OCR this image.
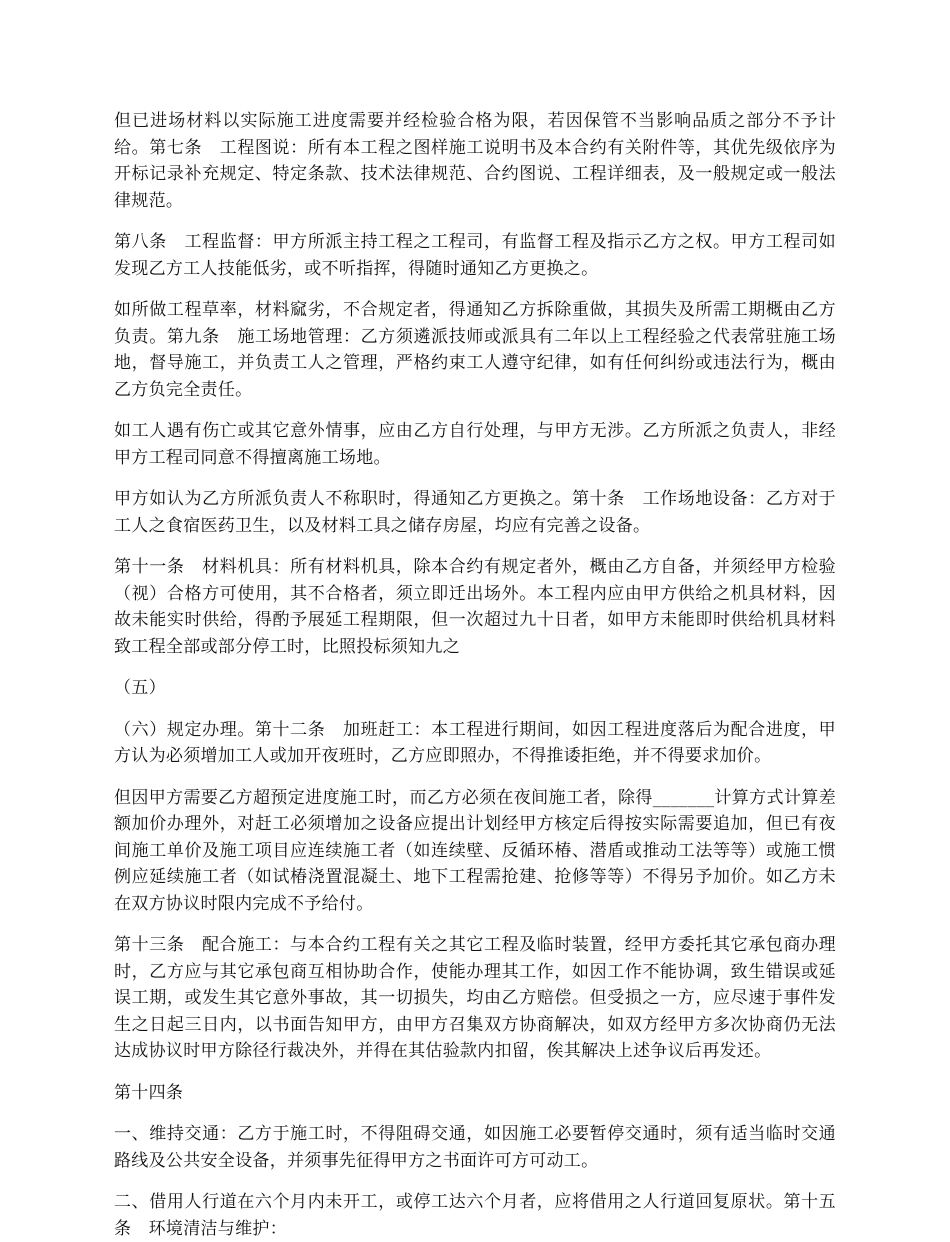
但已进场材料以实际施工进度需要并经检验合格为限，若因保管不当影响品质之部分不予计给。第七条　工程图说：所有本工程之图样施工说明书及本合约有关附件等，其优先级依序为开标记录补充规定、特定条款、技术法律规范、合约图说、工程详细表，及一般规定或一般法律规范。

第八条　工程监督：甲方所派主持工程之工程司，有监督工程及指示乙方之权。甲方工程司如发现乙方工人技能低劣，或不听指挥，得随时通知乙方更换之。

如所做工程草率，材料窳劣，不合规定者，得通知乙方拆除重做，其损失及所需工期概由乙方负责。第九条　施工场地管理：乙方须遴派技师或派具有二年以上工程经验之代表常驻施工场地，督导施工，并负责工人之管理，严格约束工人遵守纪律，如有任何纠纷或违法行为，概由乙方负完全责任。

如工人遇有伤亡或其它意外情事，应由乙方自行处理，与甲方无涉。乙方所派之负责人，非经甲方工程司同意不得擅离施工场地。

甲方如认为乙方所派负责人不称职时，得通知乙方更换之。第十条　工作场地设备：乙方对于工人之食宿医药卫生，以及材料工具之储存房屋，均应有完善之设备。

第十一条　材料机具：所有材料机具，除本合约有规定者外，概由乙方自备，并须经甲方检验（视）合格方可使用，其不合格者，须立即迁出场外。本工程内应由甲方供给之机具材料，因故未能实时供给，得酌予展延工程期限，但一次超过九十日者，如甲方未能即时供给机具材料致工程全部或部分停工时，比照投标须知九之

（五）

（六）规定办理。第十二条　加班赶工：本工程进行期间，如因工程进度落后为配合进度，甲方认为必须增加工人或加开夜班时，乙方应即照办，不得推诿拒绝，并不得要求加价。

但因甲方需要乙方超预定进度施工时，而乙方必须在夜间施工者，除得_______计算方式计算差额加价办理外，对赶工必须增加之设备应提出计划经甲方核定后得按实际需要追加，但已有夜间施工单价及施工项目应连续施工者（如连续壁、反循环椿、潜盾或推动工法等等）或施工惯例应延续施工者（如试椿浇置混凝土、地下工程需抢建、抢修等等）不得另予加价。如乙方未在双方协议时限内完成不予给付。

第十三条　配合施工：与本合约工程有关之其它工程及临时装置，经甲方委托其它承包商办理时，乙方应与其它承包商互相协助合作，使能办理其工作，如因工作不能协调，致生错误或延误工期，或发生其它意外事故，其一切损失，均由乙方赔偿。但受损之一方，应尽速于事件发生之日起三日内，以书面告知甲方，由甲方召集双方协商解决，如双方经甲方多次协商仍无法达成协议时甲方除径行裁决外，并得在其估验款内扣留，俟其解决上述争议后再发还。

第十四条

一、维持交通：乙方于施工时，不得阻碍交通，如因施工必要暂停交通时，须有适当临时交通路线及公共安全设备，并须事先征得甲方之书面许可方可动工。

二、借用人行道在六个月内未开工，或停工达六个月者，应将借用之人行道回复原状。第十五条　环境清洁与维护：
